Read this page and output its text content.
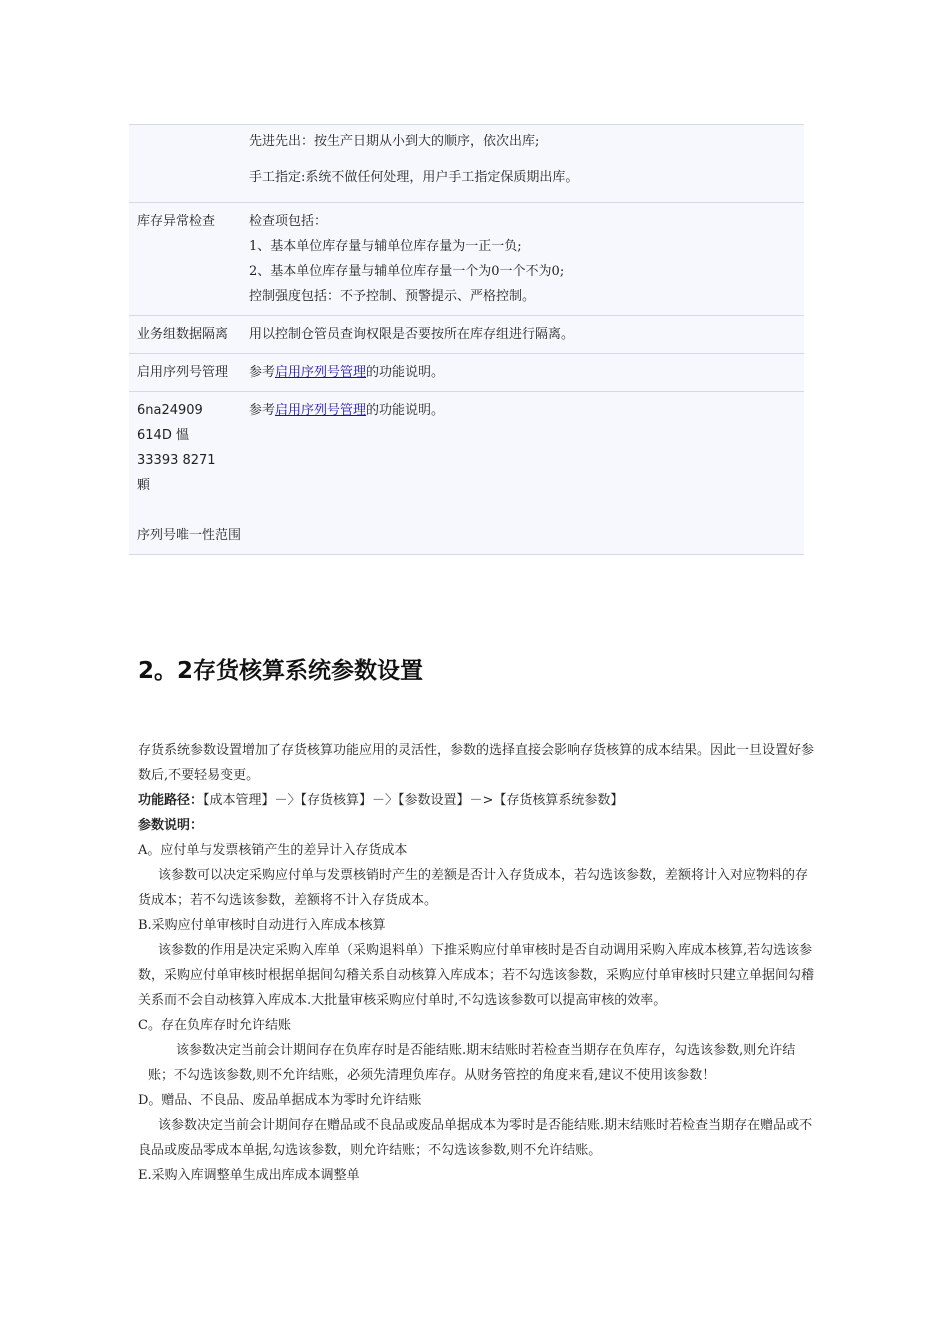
	先进先出：按生产日期从小到大的顺序，依次出库;

手工指定:系统不做任何处理，用户手工指定保质期出库。

库存异常检查	检查项包括：

1、基本单位库存量与辅单位库存量为一正一负;

2、基本单位库存量与辅单位库存量一个为0一个不为0;

控制强度包括：不予控制、预警提示、严格控制。

业务组数据隔离	用以控制仓管员查询权限是否要按所在库存组进行隔离。

启用序列号管理	参考启用序列号管理的功能说明。

6na24909
614D 慍
33393 8271
顆
序列号唯一性范围	参考启用序列号管理的功能说明。

2。2存货核算系统参数设置

存货系统参数设置增加了存货核算功能应用的灵活性，参数的选择直接会影响存货核算的成本结果。因此一旦设置好参数后,不要轻易变更。

功能路径：【成本管理】－〉【存货核算】－〉【参数设置】－>【存货核算系统参数】

参数说明：

A。应付单与发票核销产生的差异计入存货成本

该参数可以决定采购应付单与发票核销时产生的差额是否计入存货成本，若勾选该参数，差额将计入对应物料的存货成本；若不勾选该参数，差额将不计入存货成本。

B.采购应付单审核时自动进行入库成本核算

该参数的作用是决定采购入库单（采购退料单）下推采购应付单审核时是否自动调用采购入库成本核算,若勾选该参数，采购应付单审核时根据单据间勾稽关系自动核算入库成本；若不勾选该参数，采购应付单审核时只建立单据间勾稽关系而不会自动核算入库成本.大批量审核采购应付单时,不勾选该参数可以提高审核的效率。

C。存在负库存时允许结账

该参数决定当前会计期间存在负库存时是否能结账.期末结账时若检查当期存在负库存，勾选该参数,则允许结账；不勾选该参数,则不允许结账，必须先清理负库存。从财务管控的角度来看,建议不使用该参数！

D。赠品、不良品、废品单据成本为零时允许结账

该参数决定当前会计期间存在赠品或不良品或废品单据成本为零时是否能结账.期末结账时若检查当期存在赠品或不良品或废品零成本单据,勾选该参数，则允许结账；不勾选该参数,则不允许结账。

E.采购入库调整单生成出库成本调整单
